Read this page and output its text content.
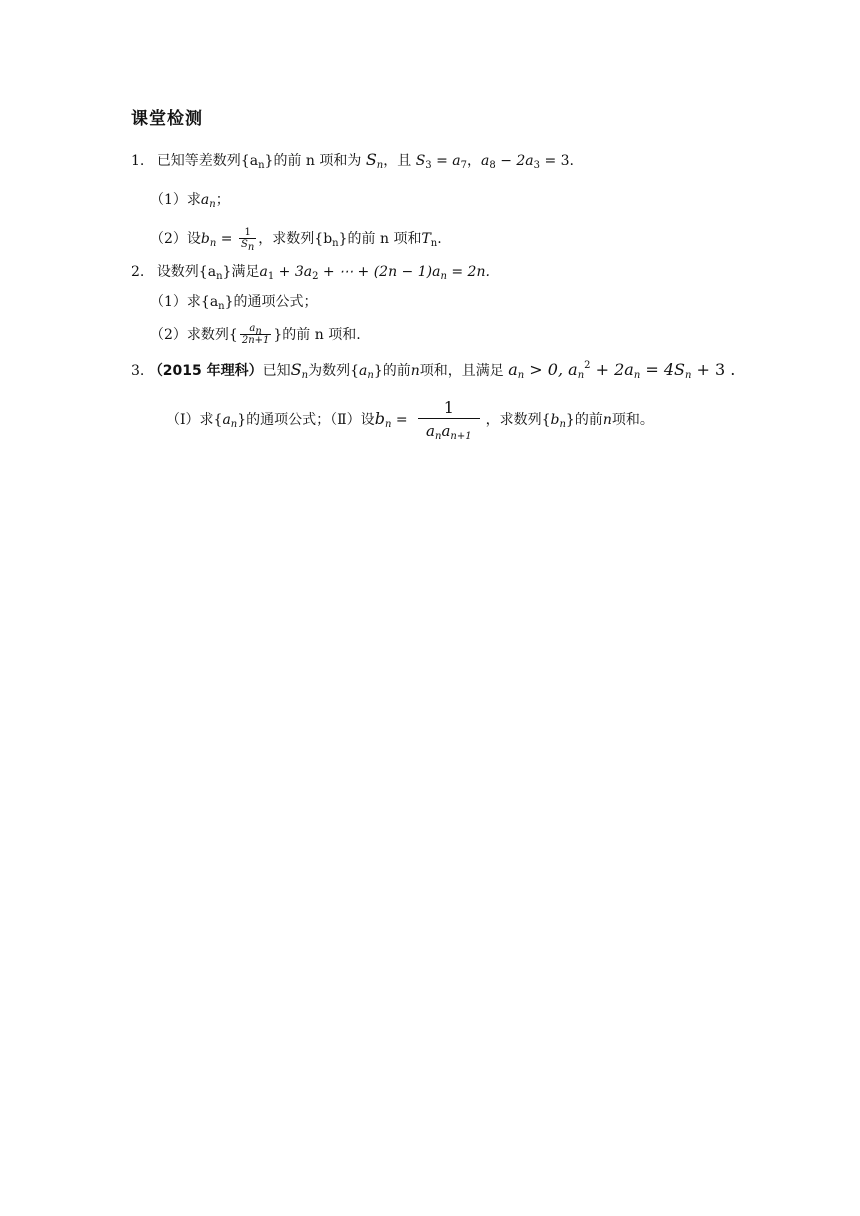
课堂检测
1. 已知等差数列$\{a_n\}$的前 n 项和为 $S_n$，且 $S_3 = a_7$，$a_8 - 2a_3 = 3$.
（1）求$a_n$；
（2）设$b_n = \frac{1}{S_n}$ ，求数列$\{b_n\}$的前 n 项和$T_n$.
2. 设数列$\{a_n\}$满足$a_1 + 3a_2$ + ⋯ + $(2n - 1)a_n = 2n$.
（1）求$\{a_n\}$的通项公式；
（2）求数列{ $\frac{a_n}{2n+1}$ }的前 n 项和.
3. （2015 年理科）已知$S_n$为数列$\{a_n\}$的前n项和，且满足 $a_n > 0$, $a_n^2 + 2a_n = 4S_n + 3$ .
（Ⅰ）求$\{a_n\}$的通项公式；（Ⅱ）设$b_n = \frac{1}{a_na_{n+1}}$ ，求数列$\{b_n\}$的前n项和。
